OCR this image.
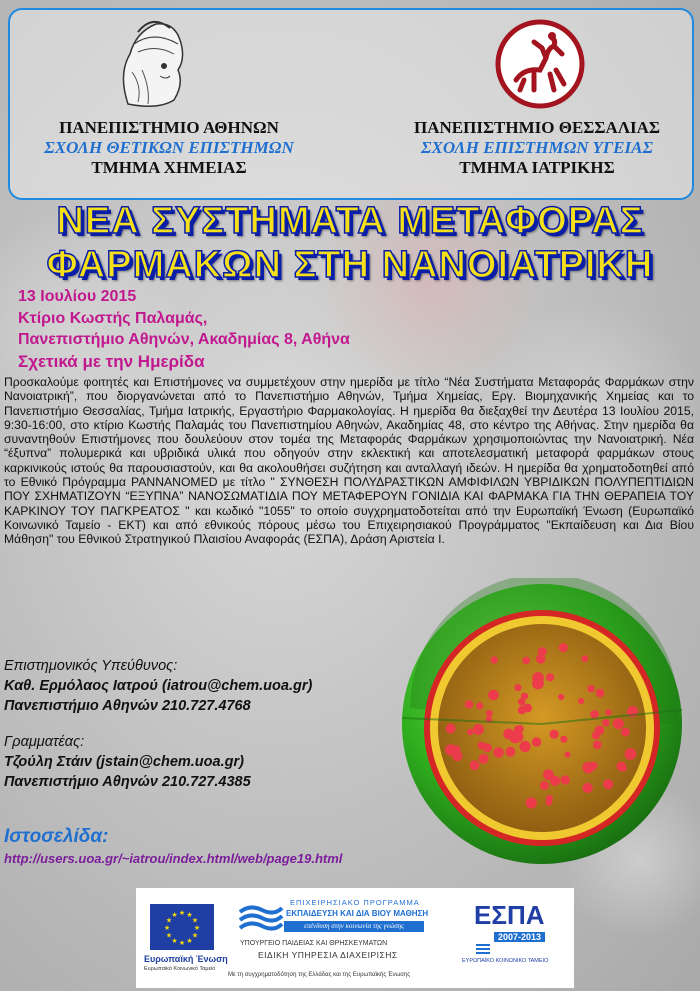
ΠΑΝΕΠΙΣΤΗΜΙΟ ΑΘΗΝΩΝ
ΣΧΟΛΗ ΘΕΤΙΚΩΝ ΕΠΙΣΤΗΜΩΝ
ΤΜΗΜΑ ΧΗΜΕΙΑΣ
ΠΑΝΕΠΙΣΤΗΜΙΟ ΘΕΣΣΑΛΙΑΣ
ΣΧΟΛΗ ΕΠΙΣΤΗΜΩΝ ΥΓΕΙΑΣ
ΤΜΗΜΑ ΙΑΤΡΙΚΗΣ
ΝΕΑ ΣΥΣΤΗΜΑΤΑ ΜΕΤΑΦΟΡΑΣ
ΦΑΡΜΑΚΩΝ ΣΤΗ ΝΑΝΟΙΑΤΡΙΚΗ
13 Ιουλίου 2015
Κτίριο Κωστής Παλαμάς,
Πανεπιστήμιο Αθηνών, Ακαδημίας 8, Αθήνα
Σχετικά με την Ημερίδα
Προσκαλούμε φοιτητές και Επιστήμονες να συμμετέχουν στην ημερίδα με τίτλο “Νέα Συστήματα Μεταφοράς Φαρμάκων στην Νανοιατρική”, που διοργανώνεται από το Πανεπιστήμιο Αθηνών, Τμήμα Χημείας, Εργ. Βιομηχανικής Χημείας και το Πανεπιστήμιο Θεσσαλίας, Τμήμα Ιατρικής, Εργαστήριο Φαρμακολογίας. Η ημερίδα θα διεξαχθεί την Δευτέρα 13 Ιουλίου 2015, 9:30-16:00, στο κτίριο Κωστής Παλαμάς του Πανεπιστημίου Αθηνών, Ακαδημίας 48, στο κέντρο της Αθήνας. Στην ημερίδα θα συναντηθούν Επιστήμονες που δουλεύουν στον τομέα της Μεταφοράς Φαρμάκων χρησιμοποιώντας την Νανοιατρική. Νέα “έξυπνα” πολυμερικά και υβριδικά υλικά που οδηγούν στην εκλεκτική και αποτελεσματική μεταφορά φαρμάκων στους καρκινικούς ιστούς θα παρουσιαστούν, και θα ακολουθήσει συζήτηση και ανταλλαγή ιδεών. Η ημερίδα θα χρηματοδοτηθεί από το Εθνικό Πρόγραμμα PANNANOMED με τίτλο " ΣΥΝΘΕΣΗ ΠΟΛΥΔΡΑΣΤΙΚΩΝ ΑΜΦΙΦΙΛΩΝ ΥΒΡΙΔΙΚΩΝ ΠΟΛΥΠΕΠΤΙΔΙΩΝ ΠΟΥ ΣΧΗΜΑΤΙΖΟΥΝ “ΕΞΥΠΝΑ” ΝΑΝΟΣΩΜΑΤΙΔΙΑ ΠΟΥ ΜΕΤΑΦΕΡΟΥΝ ΓΟΝΙΔΙΑ ΚΑΙ ΦΑΡΜΑΚΑ ΓΙΑ ΤΗΝ ΘΕΡΑΠΕΙΑ ΤΟΥ ΚΑΡΚΙΝΟΥ ΤΟΥ ΠΑΓΚΡΕΑΤΟΣ " και κωδικό "1055" το οποίο συγχρηματοδοτείται από την Ευρωπαϊκή Ένωση (Ευρωπαϊκό Κοινωνικό Ταμείο - ΕΚΤ) και από εθνικούς πόρους μέσω του Επιχειρησιακού Προγράμματος "Εκπαίδευση και Δια Βίου Μάθηση" του Εθνικού Στρατηγικού Πλαισίου Αναφοράς (ΕΣΠΑ), Δράση Αριστεία Ι.
Επιστημονικός Υπεύθυνος:
Καθ. Ερμόλαος Ιατρού (iatrou@chem.uoa.gr)
Πανεπιστήμιο Αθηνών 210.727.4768
Γραμματέας:
Τζούλη Στάιν (jstain@chem.uoa.gr)
Πανεπιστήμιο Αθηνών 210.727.4385
Ιστοσελίδα:
http://users.uoa.gr/~iatrou/index.html/web/page19.html
★
★
★
★
★
★
★
★
★ ★ ★
★
Ευρωπαϊκή Ένωση
Ευρωπαϊκό Κοινωνικό Ταμείο
ΕΠΙΧΕΙΡΗΣΙΑΚΟ ΠΡΟΓΡΑΜΜΑ
ΕΚΠΑΙΔΕΥΣΗ ΚΑΙ ΔΙΑ ΒΙΟΥ ΜΑΘΗΣΗ
επένδυση στην κοινωνία της γνώσης
ΥΠΟΥΡΓΕΙΟ ΠΑΙΔΕΙΑΣ ΚΑΙ ΘΡΗΣΚΕΥΜΑΤΩΝ
ΕΙΔΙΚΗ ΥΠΗΡΕΣΙΑ ΔΙΑΧΕΙΡΙΣΗΣ
Με τη συγχρηματοδότηση της Ελλάδας και της Ευρωπαϊκής Ένωσης
ΕΣΠΑ
2007-2013
ΕΥΡΩΠΑΪΚΟ ΚΟΙΝΩΝΙΚΟ ΤΑΜΕΙΟ
